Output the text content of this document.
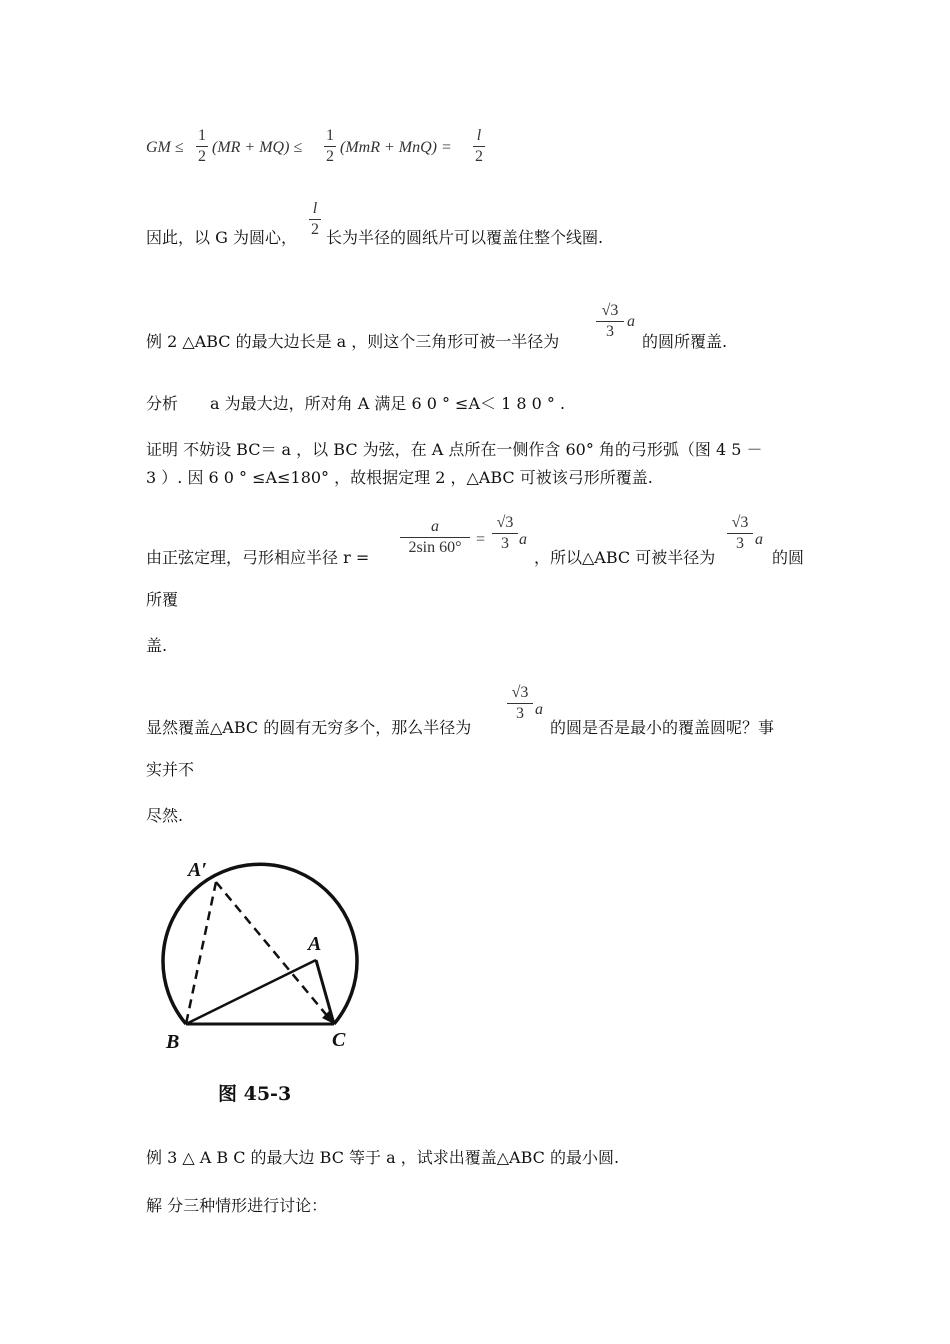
GM ≤
1
2
(MR + MQ) ≤
1
2
(MmR + MnQ) =
l
2
因此，以 G 为圆心，
l
2 长为半径的圆纸片可以覆盖住整个线圈.
例 2 △ABC 的最大边长是 a ，则这个三角形可被一半径为
√3
3
a
的圆所覆盖.
分析　　a 为最大边，所对角 A 满足 6 0 ° ≤A＜ 1 8 0 ° .
证明 不妨设 BC＝ a ，以 BC 为弦，在 A 点所在一侧作含 60° 角的弓形弧（图 4 5 －
3 ）. 因 6 0 ° ≤A≤180° ，故根据定理 2 ，△ABC 可被该弓形所覆盖.
由正弦定理，弓形相应半径 r =
a
2sin 60° =
√3
3 a
，所以△ABC 可被半径为
√3
3 a
的圆
所覆
盖.
显然覆盖△ABC 的圆有无穷多个，那么半径为
√3
3 a
的圆是否是最小的覆盖圆呢？事
实并不
尽然.
A′
A
B	C
图 45-3
例 3 △ A B C 的最大边 BC 等于 a ，试求出覆盖△ABC 的最小圆.
解 分三种情形进行讨论：
